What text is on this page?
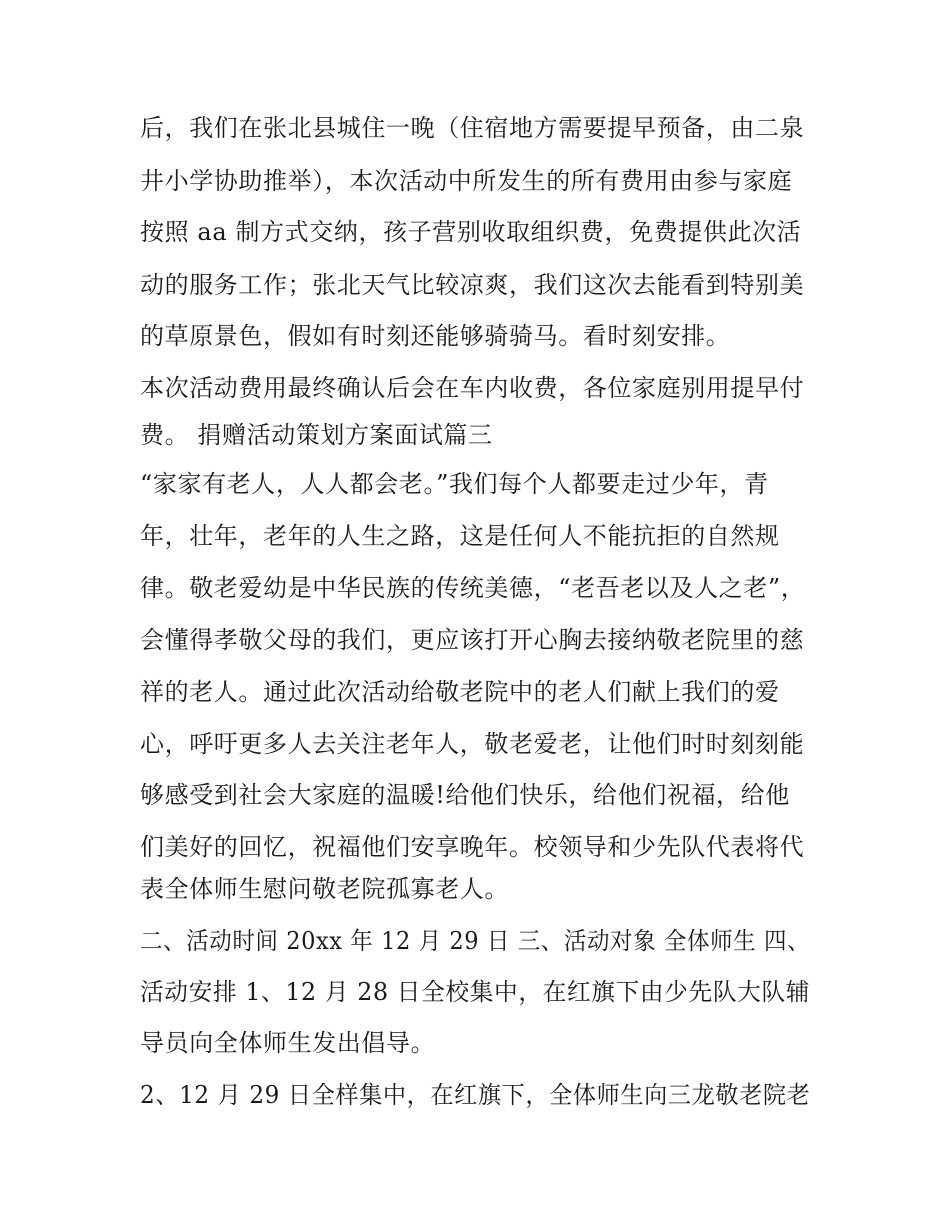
后，我们在张北县城住一晚（住宿地方需要提早预备，由二泉
井小学协助推举），本次活动中所发生的所有费用由参与家庭
按照 aa 制方式交纳，孩子营别收取组织费，免费提供此次活
动的服务工作；张北天气比较凉爽，我们这次去能看到特别美
的草原景色，假如有时刻还能够骑骑马。看时刻安排。
本次活动费用最终确认后会在车内收费，各位家庭别用提早付
费。 捐赠活动策划方案面试篇三
“家家有老人，人人都会老。”我们每个人都要走过少年，青
年，壮年，老年的人生之路，这是任何人不能抗拒的自然规
律。敬老爱幼是中华民族的传统美德，“老吾老以及人之老”，
会懂得孝敬父母的我们，更应该打开心胸去接纳敬老院里的慈
祥的老人。通过此次活动给敬老院中的老人们献上我们的爱
心，呼吁更多人去关注老年人，敬老爱老，让他们时时刻刻能
够感受到社会大家庭的温暖!给他们快乐，给他们祝福，给他
们美好的回忆，祝福他们安享晚年。校领导和少先队代表将代
表全体师生慰问敬老院孤寡老人。
二、活动时间 20xx 年 12 月 29 日 三、活动对象 全体师生 四、
活动安排 1、12 月 28 日全校集中，在红旗下由少先队大队辅
导员向全体师生发出倡导。
2、12 月 29 日全样集中，在红旗下，全体师生向三龙敬老院老
